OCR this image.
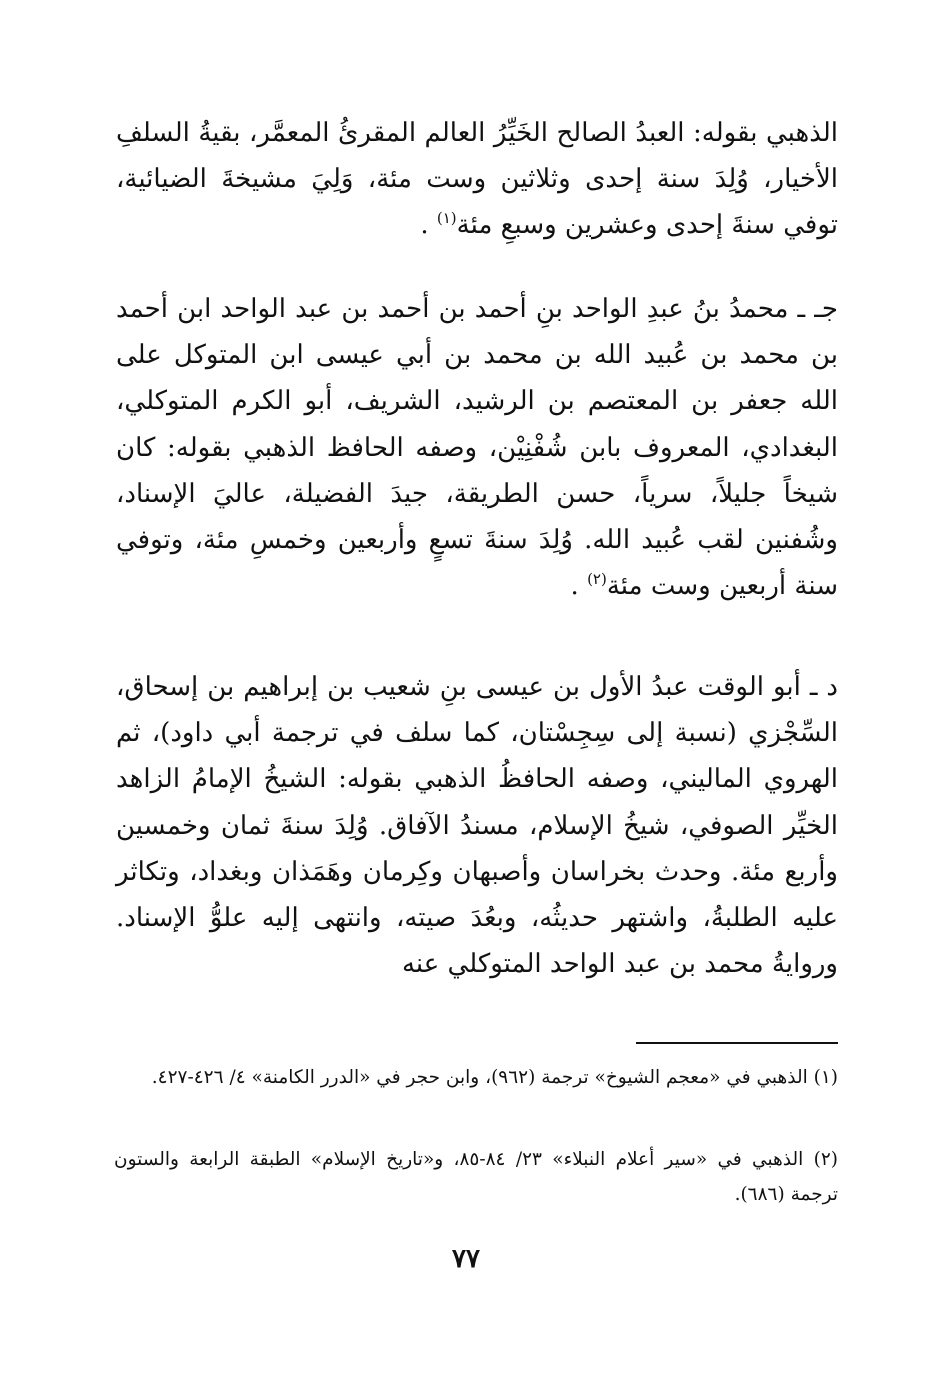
الذهبي بقوله: العبدُ الصالح الخَيِّرُ العالم المقرئُ المعمَّر، بقيةُ السلفِ الأخيار، وُلِدَ سنة إحدى وثلاثين وست مئة، وَلِيَ مشيخةَ الضيائية، توفي سنةَ إحدى وعشرين وسبعِ مئة$^{(١)}$ .

جـ ـ محمدُ بنُ عبدِ الواحد بنِ أحمد بن أحمد بن عبد الواحد ابن أحمد بن محمد بن عُبيد الله بن محمد بن أبي عيسى ابن المتوكل على الله جعفر بن المعتصم بن الرشيد، الشريف، أبو الكرم المتوكلي، البغدادي، المعروف بابن شُفْنِيْن، وصفه الحافظ الذهبي بقوله: كان شيخاً جليلاً، سرياً، حسن الطريقة، جيدَ الفضيلة، عاليَ الإسناد، وشُفنين لقب عُبيد الله. وُلِدَ سنةَ تسعٍ وأربعين وخمسِ مئة، وتوفي سنة أربعين وست مئة$^{(٢)}$ .

د ـ أبو الوقت عبدُ الأول بن عيسى بنِ شعيب بن إبراهيم بن إسحاق، السِّجْزي (نسبة إلى سِجِسْتان، كما سلف في ترجمة أبي داود)، ثم الهروي الماليني، وصفه الحافظُ الذهبي بقوله: الشيخُ الإمامُ الزاهد الخيِّر الصوفي، شيخُ الإسلام، مسندُ الآفاق. وُلِدَ سنةَ ثمان وخمسين وأربع مئة. وحدث بخراسان وأصبهان وكِرمان وهَمَذان وبغداد، وتكاثر عليه الطلبةُ، واشتهر حديثُه، وبعُدَ صيته، وانتهى إليه علوُّ الإسناد. وروايةُ محمد بن عبد الواحد المتوكلي عنه

(١) الذهبي في «معجم الشيوخ» ترجمة (٩٦٢)، وابن حجر في «الدرر الكامنة» ٤/ ٤٢٦-٤٢٧.

(٢) الذهبي في «سير أعلام النبلاء» ٢٣/ ٨٤-٨٥، و«تاريخ الإسلام» الطبقة الرابعة والستون ترجمة (٦٨٦).

٧٧
